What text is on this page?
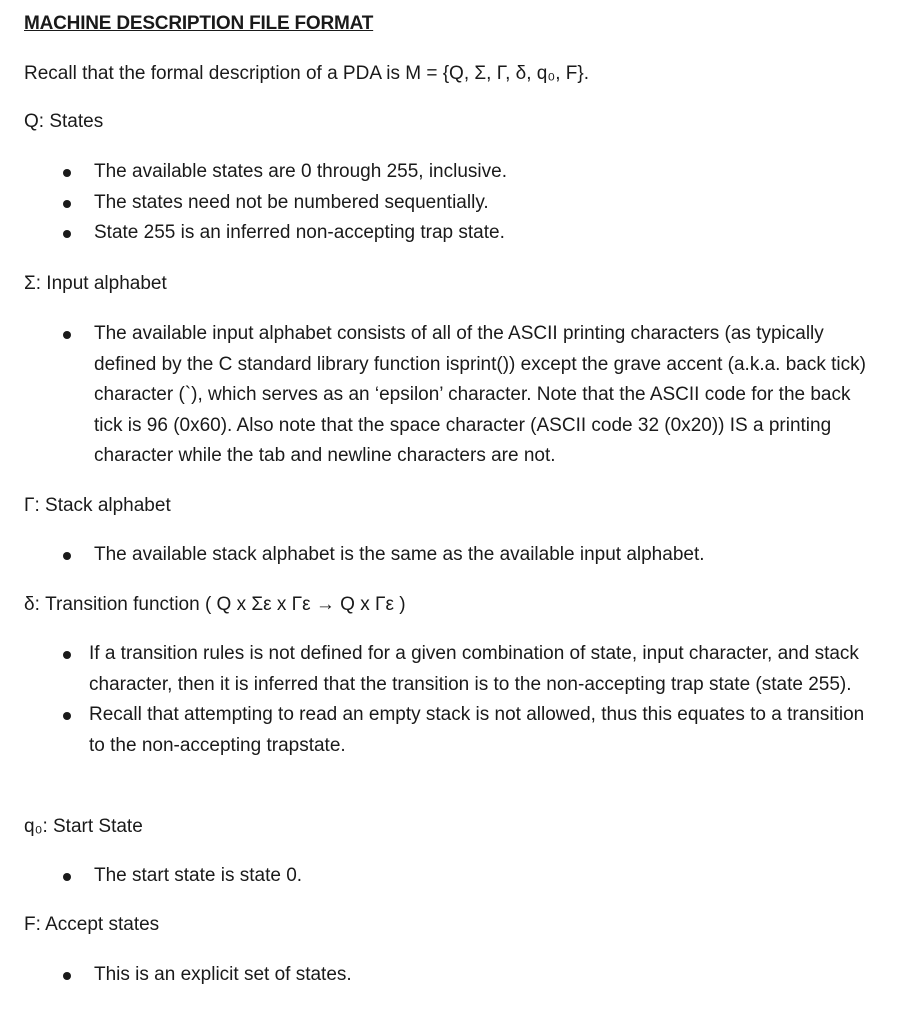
MACHINE DESCRIPTION FILE FORMAT
Recall that the formal description of a PDA is M = {Q, Σ, Γ, δ, q₀, F}.
Q: States
The available states are 0 through 255, inclusive.
The states need not be numbered sequentially.
State 255 is an inferred non-accepting trap state.
Σ: Input alphabet
The available input alphabet consists of all of the ASCII printing characters (as typically defined by the C standard library function isprint()) except the grave accent (a.k.a. back tick) character (`), which serves as an ‘epsilon’ character. Note that the ASCII code for the back tick is 96 (0x60). Also note that the space character (ASCII code 32 (0x20)) IS a printing character while the tab and newline characters are not.
Γ: Stack alphabet
The available stack alphabet is the same as the available input alphabet.
δ: Transition function ( Q x Σε x Γε → Q x Γε )
If a transition rules is not defined for a given combination of state, input character, and stack character, then it is inferred that the transition is to the non-accepting trap state (state 255).
Recall that attempting to read an empty stack is not allowed, thus this equates to a transition to the non-accepting trapstate.
q₀: Start State
The start state is state 0.
F: Accept states
This is an explicit set of states.
